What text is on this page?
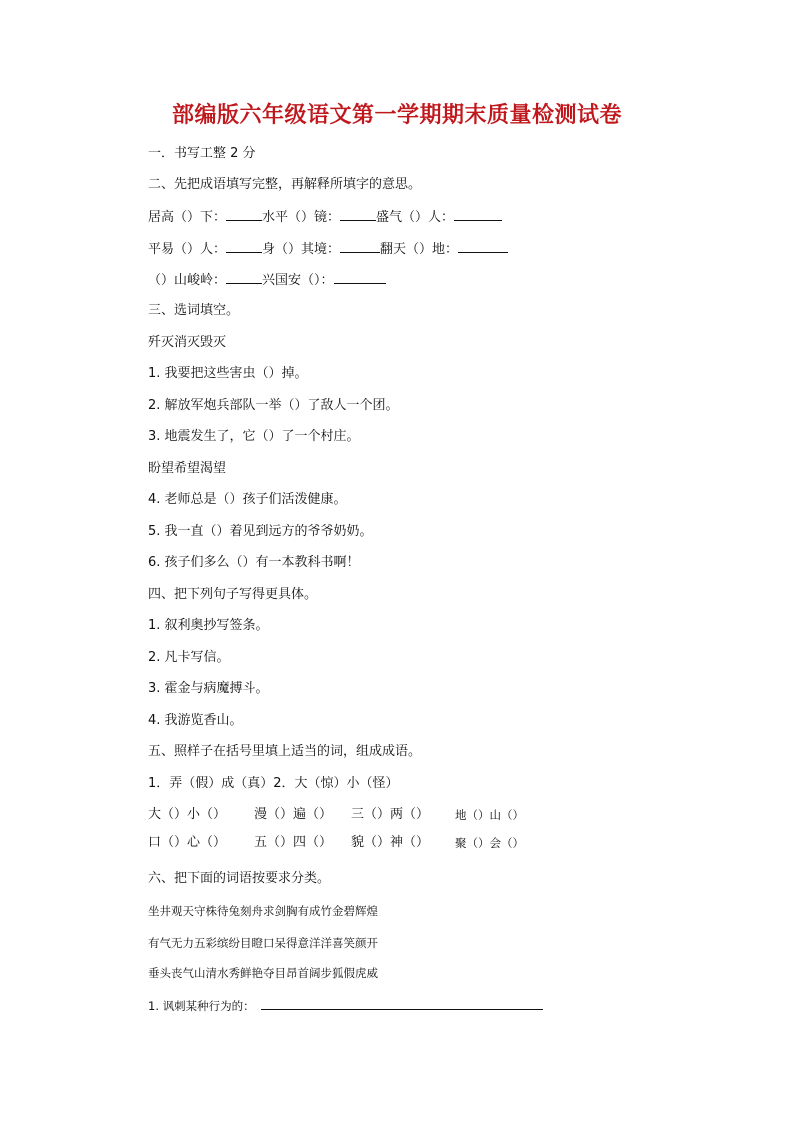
部编版六年级语文第一学期期末质量检测试卷
一．书写工整 2 分
二、先把成语填写完整，再解释所填字的意思。
居高（）下：	水平（）镜：	盛气（）人：
平易（）人：	身（）其境：	翻天（）地：
（）山峻岭：	兴国安（）：
三、选词填空。
歼灭消灭毁灭
1. 我要把这些害虫（）掉。
2. 解放军炮兵部队一举（）了敌人一个团。
3. 地震发生了，它（）了一个村庄。
盼望希望渴望
4. 老师总是（）孩子们活泼健康。
5. 我一直（）着见到远方的爷爷奶奶。
6. 孩子们多么（）有一本教科书啊！
四、把下列句子写得更具体。
1. 叙利奥抄写签条。
2. 凡卡写信。
3. 霍金与病魔搏斗。
4. 我游览香山。
五、照样子在括号里填上适当的词，组成成语。
1．弄（假）成（真）2．大（惊）小（怪）
大（）小（） 漫（）遍（） 三（）两（） 地（）山（）
口（）心（） 五（）四（） 貌（）神（） 聚（）会（）
六、把下面的词语按要求分类。
坐井观天守株待兔刻舟求剑胸有成竹金碧辉煌
有气无力五彩缤纷目瞪口呆得意洋洋喜笑颜开
垂头丧气山清水秀鲜艳夺目昂首阔步狐假虎威
1. 讽刺某种行为的：
